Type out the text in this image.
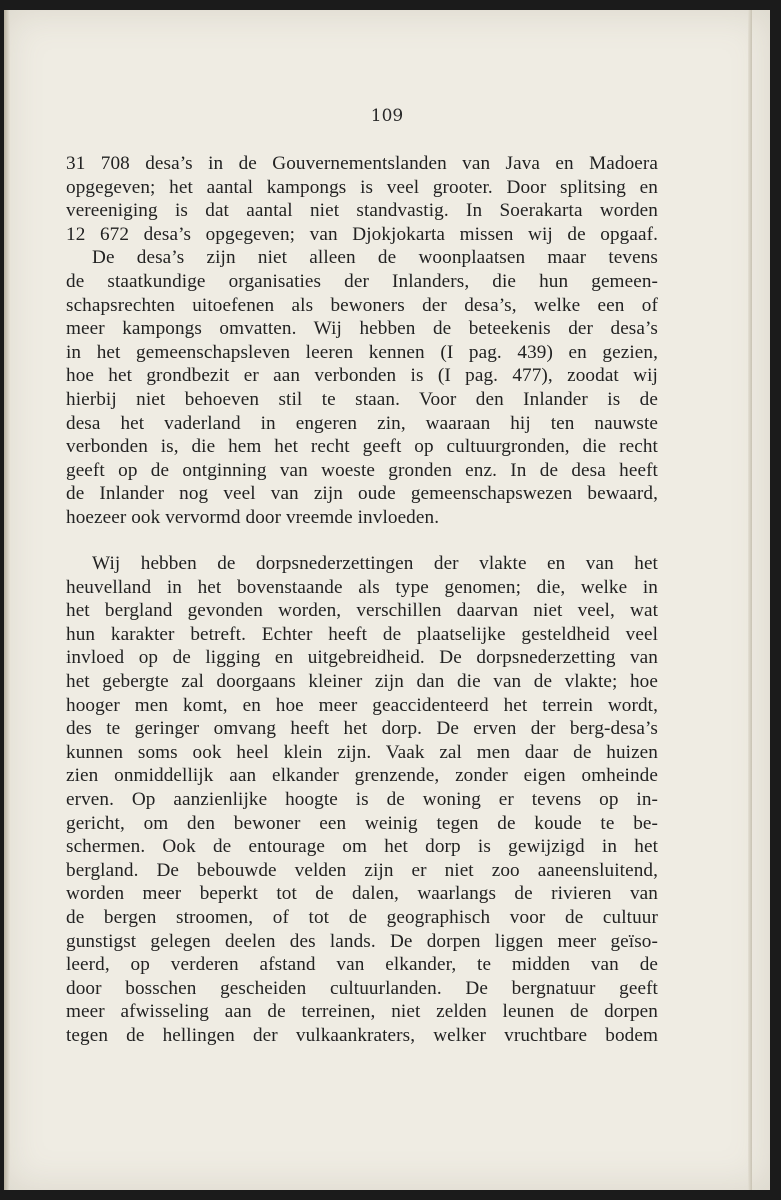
109
31 708 desa’s in de Gouvernementslanden van Java en Madoera
opgegeven; het aantal kampongs is veel grooter. Door splitsing en
vereeniging is dat aantal niet standvastig. In Soerakarta worden
12 672 desa’s opgegeven; van Djokjokarta missen wij de opgaaf.
De desa’s zijn niet alleen de woonplaatsen maar tevens
de staatkundige organisaties der Inlanders, die hun gemeen-
schapsrechten uitoefenen als bewoners der desa’s, welke een of
meer kampongs omvatten. Wij hebben de beteekenis der desa’s
in het gemeenschapsleven leeren kennen (I pag. 439) en gezien,
hoe het grondbezit er aan verbonden is (I pag. 477), zoodat wij
hierbij niet behoeven stil te staan. Voor den Inlander is de
desa het vaderland in engeren zin, waaraan hij ten nauwste
verbonden is, die hem het recht geeft op cultuurgronden, die recht
geeft op de ontginning van woeste gronden enz. In de desa heeft
de Inlander nog veel van zijn oude gemeenschapswezen bewaard,
hoezeer ook vervormd door vreemde invloeden.
Wij hebben de dorpsnederzettingen der vlakte en van het
heuvelland in het bovenstaande als type genomen; die, welke in
het bergland gevonden worden, verschillen daarvan niet veel, wat
hun karakter betreft. Echter heeft de plaatselijke gesteldheid veel
invloed op de ligging en uitgebreidheid. De dorpsnederzetting van
het gebergte zal doorgaans kleiner zijn dan die van de vlakte; hoe
hooger men komt, en hoe meer geaccidenteerd het terrein wordt,
des te geringer omvang heeft het dorp. De erven der berg-desa’s
kunnen soms ook heel klein zijn. Vaak zal men daar de huizen
zien onmiddellijk aan elkander grenzende, zonder eigen omheinde
erven. Op aanzienlijke hoogte is de woning er tevens op in-
gericht, om den bewoner een weinig tegen de koude te be-
schermen. Ook de entourage om het dorp is gewijzigd in het
bergland. De bebouwde velden zijn er niet zoo aaneensluitend,
worden meer beperkt tot de dalen, waarlangs de rivieren van
de bergen stroomen, of tot de geographisch voor de cultuur
gunstigst gelegen deelen des lands. De dorpen liggen meer geïso-
leerd, op verderen afstand van elkander, te midden van de
door bosschen gescheiden cultuurlanden. De bergnatuur geeft
meer afwisseling aan de terreinen, niet zelden leunen de dorpen
tegen de hellingen der vulkaankraters, welker vruchtbare bodem
